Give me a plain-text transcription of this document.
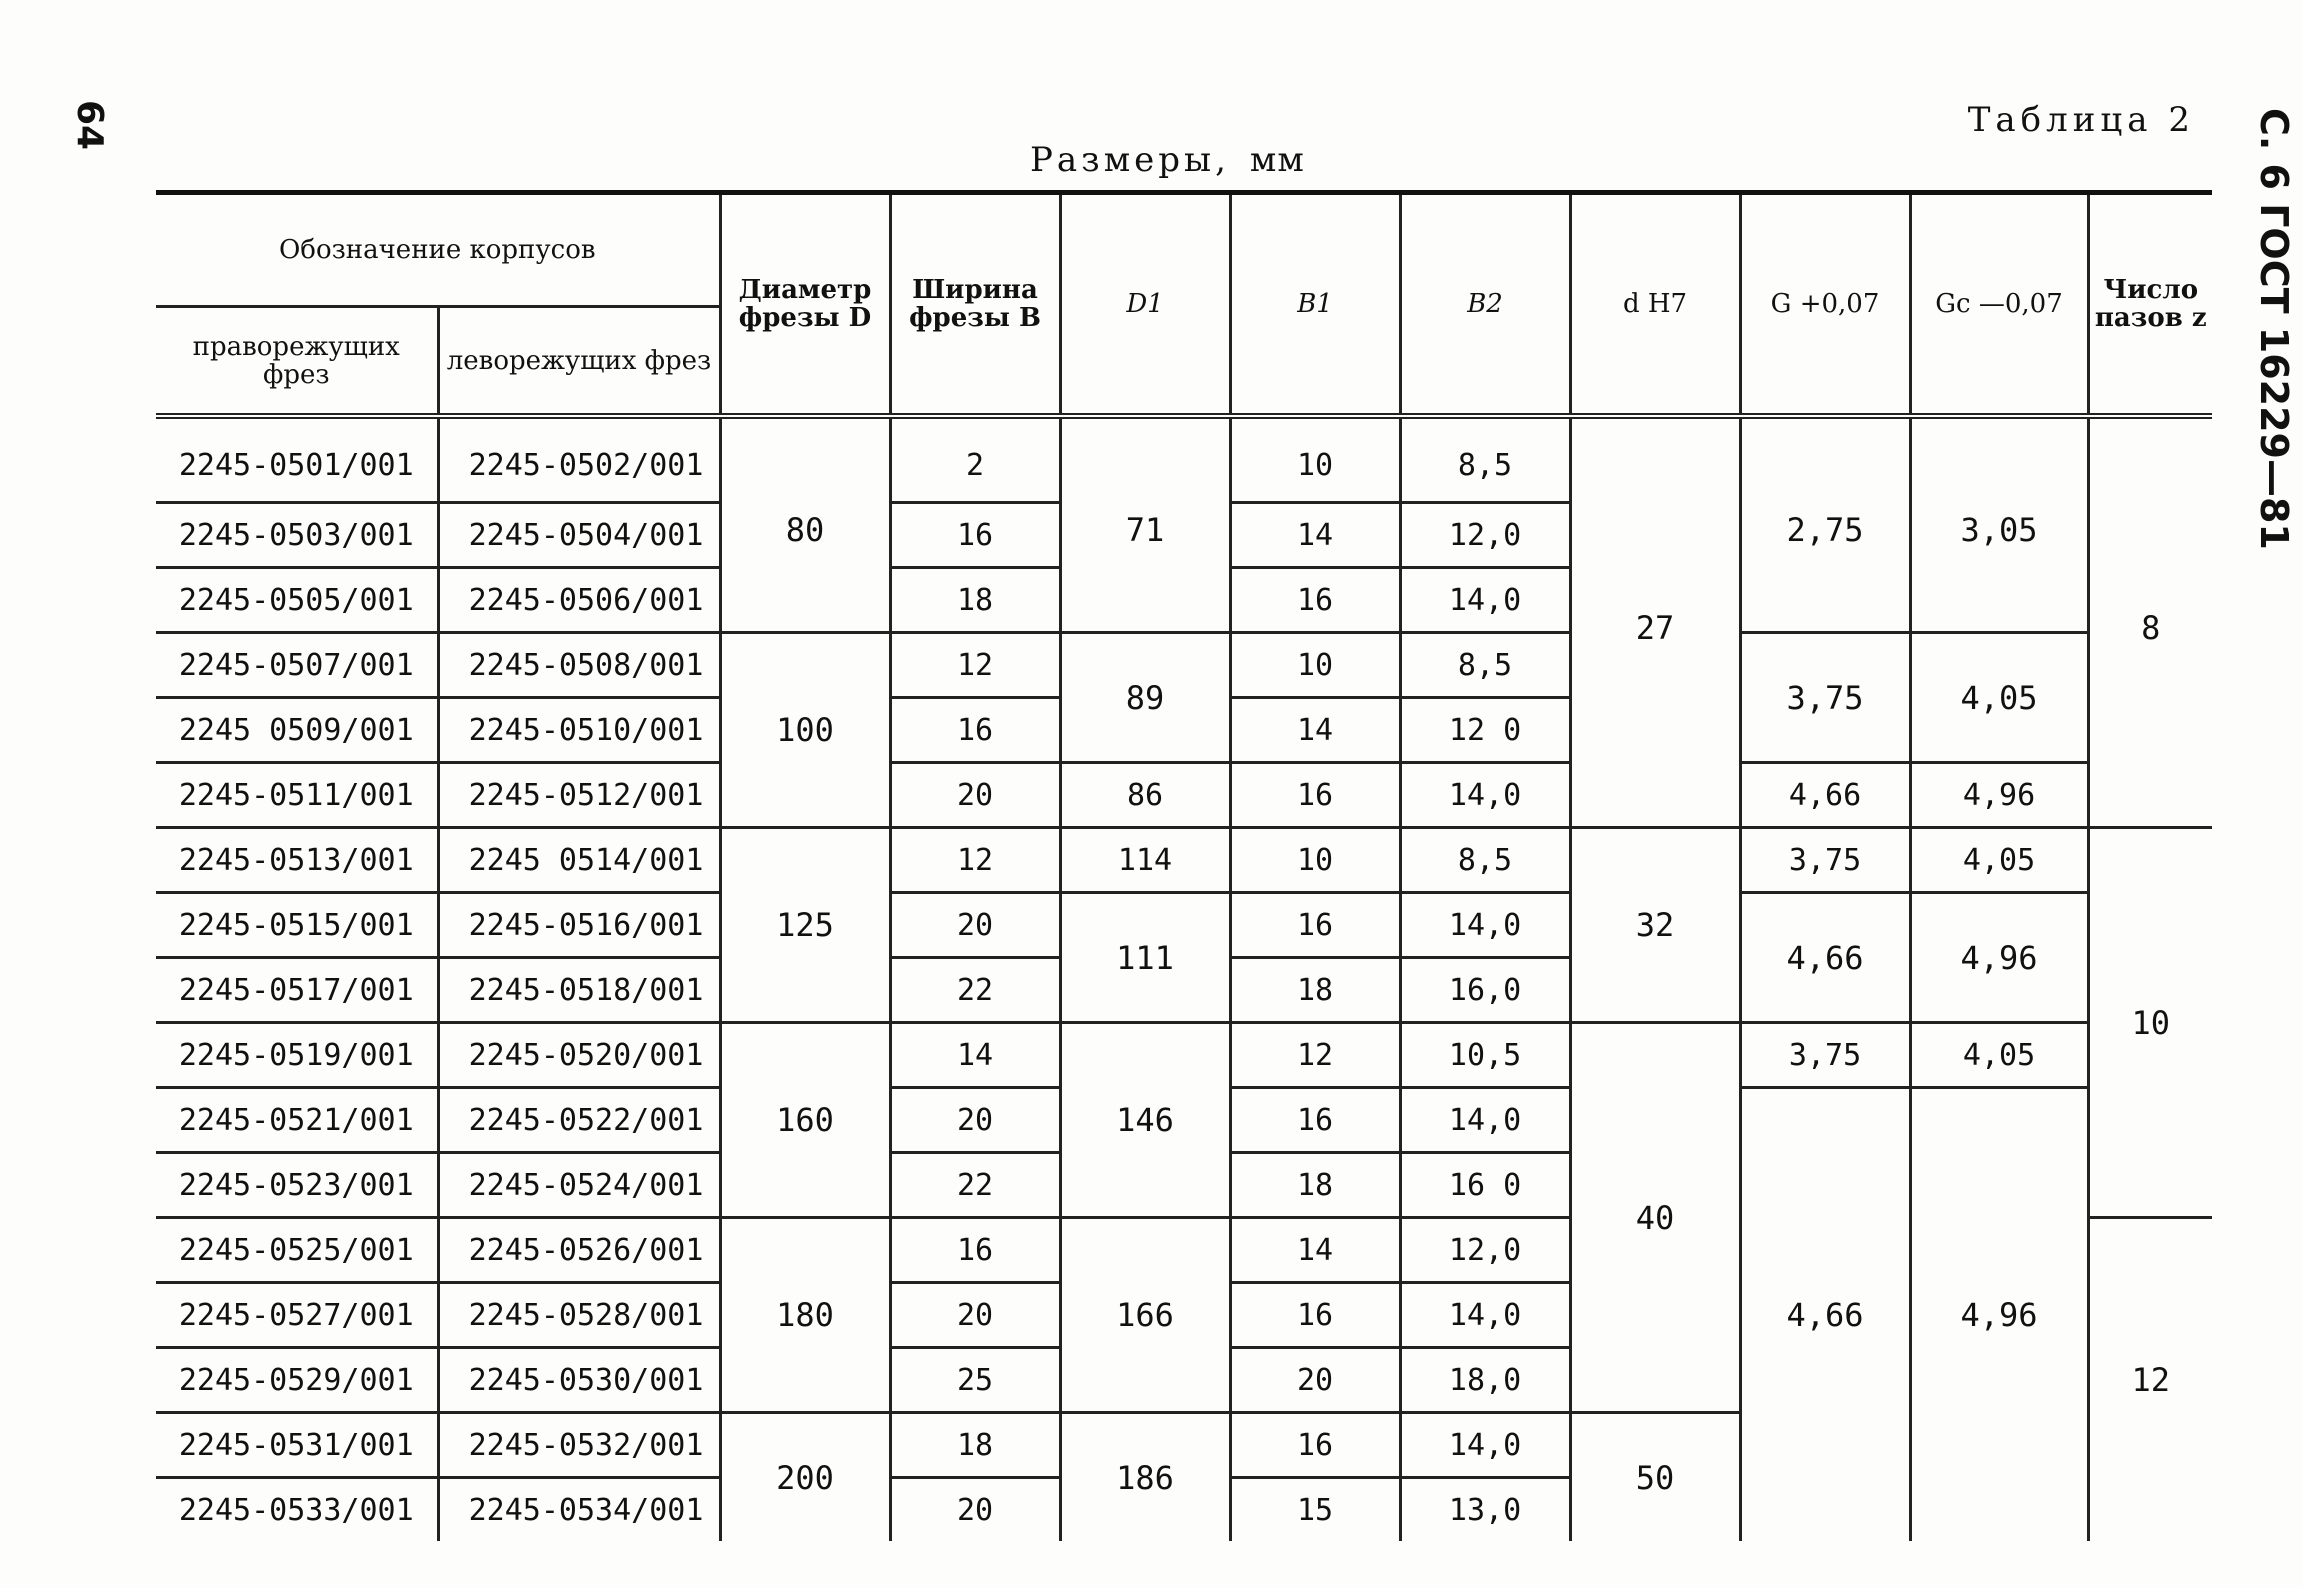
64	С. 6 ГОСТ 16229—81
Таблица 2
Размеры, мм
Обозначение корпусов		Диаметр фрезы D	Ширина фрезы B	D1	B1	B2	d H7	G +0,07	Gc —0,07	Число пазов z
праворежущих фрез	леворежущих фрез									
2245-0501/001	2245-0502/001	80	2	71	10	8,5	27	2,75	3,05	8
2245-0503/001	2245-0504/001		16		14	12,0				
2245-0505/001	2245-0506/001		18		16	14,0				
2245-0507/001	2245-0508/001	100	12	89	10	8,5		3,75	4,05	
2245 0509/001	2245-0510/001		16		14	12 0				
2245-0511/001	2245-0512/001		20	86	16	14,0		4,66	4,96	
2245-0513/001	2245 0514/001	125	12	114	10	8,5	32	3,75	4,05	10
2245-0515/001	2245-0516/001		20	111	16	14,0		4,66	4,96	
2245-0517/001	2245-0518/001		22		18	16,0				
2245-0519/001	2245-0520/001	160	14	146	12	10,5	40	3,75	4,05	
2245-0521/001	2245-0522/001		20		16	14,0		4,66	4,96	
2245-0523/001	2245-0524/001		22		18	16 0				
2245-0525/001	2245-0526/001	180	16	166	14	12,0				12
2245-0527/001	2245-0528/001		20		16	14,0				
2245-0529/001	2245-0530/001		25		20	18,0				
2245-0531/001	2245-0532/001	200	18	186	16	14,0	50			
2245-0533/001	2245-0534/001		20		15	13,0				
